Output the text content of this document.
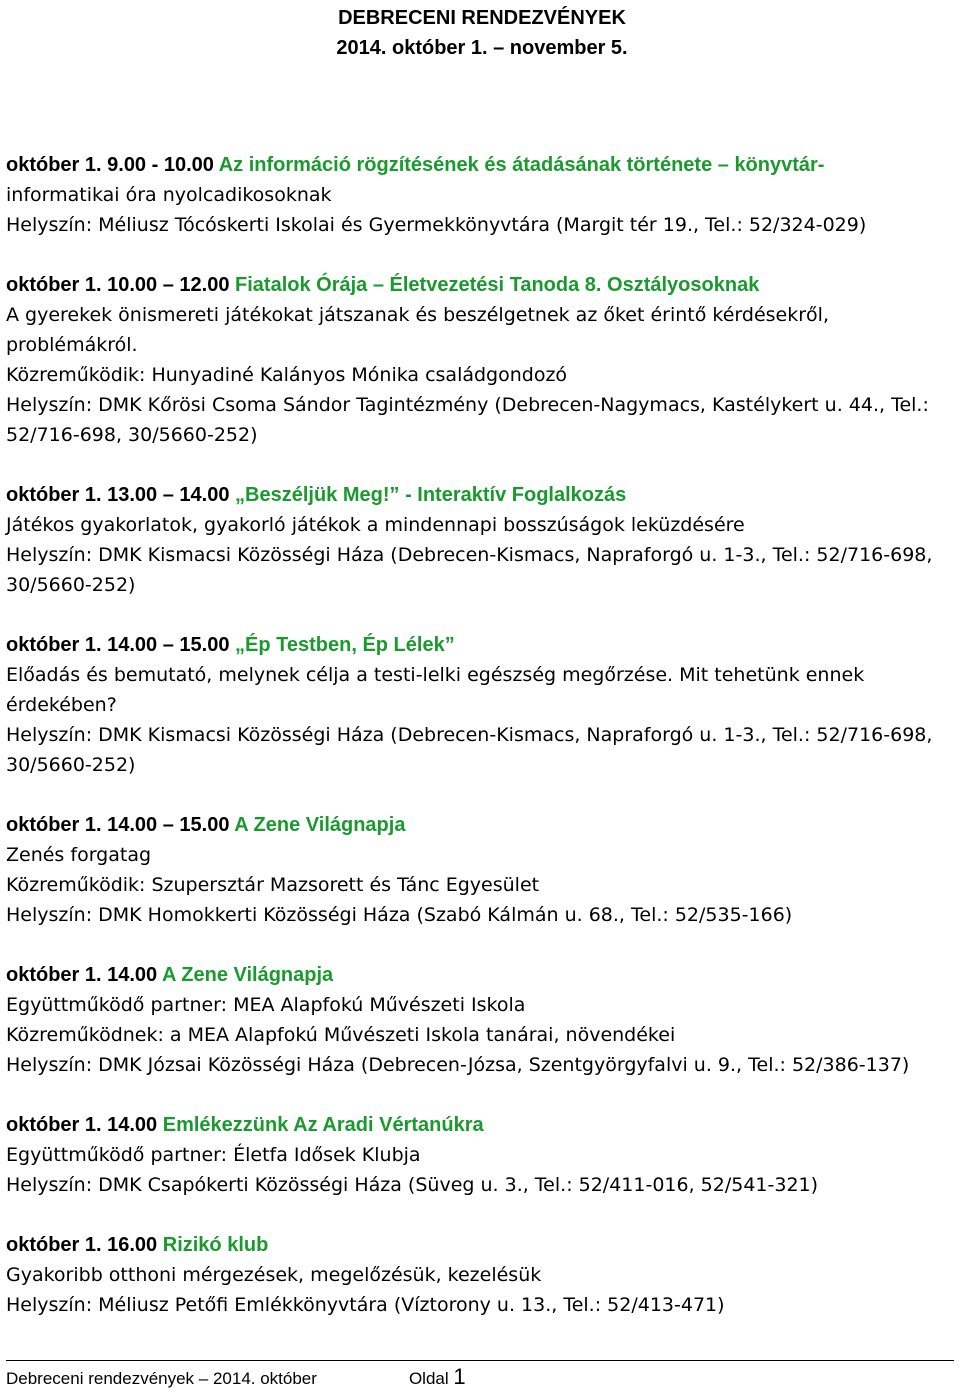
DEBRECENI RENDEZVÉNYEK
2014. október 1. – november 5.
október 1. 9.00 - 10.00 Az információ rögzítésének és átadásának története – könyvtár-
informatikai óra nyolcadikosoknak
Helyszín: Méliusz Tócóskerti Iskolai és Gyermekkönyvtára (Margit tér 19., Tel.: 52/324-029)
október 1. 10.00 – 12.00 Fiatalok Órája – Életvezetési Tanoda 8. Osztályosoknak
A gyerekek önismereti játékokat játszanak és beszélgetnek az őket érintő kérdésekről,
problémákról.
Közreműködik: Hunyadiné Kalányos Mónika családgondozó
Helyszín: DMK Kőrösi Csoma Sándor Tagintézmény (Debrecen-Nagymacs, Kastélykert u. 44., Tel.:
52/716-698, 30/5660-252)
október 1. 13.00 – 14.00 „Beszéljük Meg!” - Interaktív Foglalkozás
Játékos gyakorlatok, gyakorló játékok a mindennapi bosszúságok leküzdésére
Helyszín: DMK Kismacsi Közösségi Háza (Debrecen-Kismacs, Napraforgó u. 1-3., Tel.: 52/716-698,
30/5660-252)
október 1. 14.00 – 15.00 „Ép Testben, Ép Lélek”
Előadás és bemutató, melynek célja a testi-lelki egészség megőrzése. Mit tehetünk ennek
érdekében?
Helyszín: DMK Kismacsi Közösségi Háza (Debrecen-Kismacs, Napraforgó u. 1-3., Tel.: 52/716-698,
30/5660-252)
október 1. 14.00 – 15.00 A Zene Világnapja
Zenés forgatag
Közreműködik: Szupersztár Mazsorett és Tánc Egyesület
Helyszín: DMK Homokkerti Közösségi Háza (Szabó Kálmán u. 68., Tel.: 52/535-166)
október 1. 14.00 A Zene Világnapja
Együttműködő partner: MEA Alapfokú Művészeti Iskola
Közreműködnek: a MEA Alapfokú Művészeti Iskola tanárai, növendékei
Helyszín: DMK Józsai Közösségi Háza (Debrecen-Józsa, Szentgyörgyfalvi u. 9., Tel.: 52/386-137)
október 1. 14.00 Emlékezzünk Az Aradi Vértanúkra
Együttműködő partner: Életfa Idősek Klubja
Helyszín: DMK Csapókerti Közösségi Háza (Süveg u. 3., Tel.: 52/411-016, 52/541-321)
október 1. 16.00 Rizikó klub
Gyakoribb otthoni mérgezések, megelőzésük, kezelésük
Helyszín: Méliusz Petőfi Emlékkönyvtára (Víztorony u. 13., Tel.: 52/413-471)
Debreceni rendezvények – 2014. október	Oldal 1
